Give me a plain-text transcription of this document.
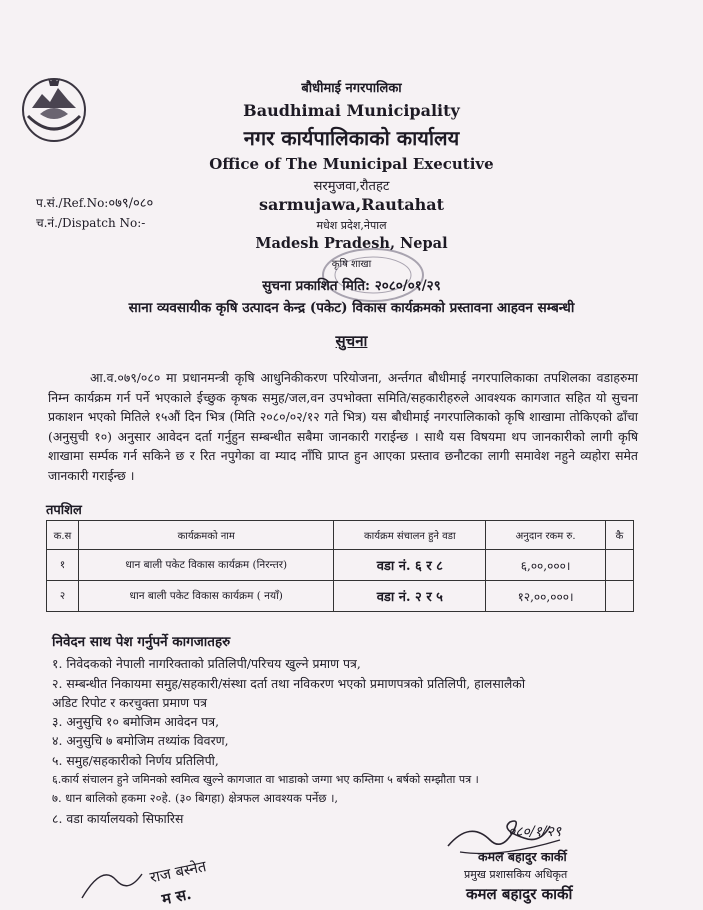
बौधीमाई नगरपालिका
Baudhimai Municipality
नगर कार्यपालिकाको कार्यालय
Office of The Municipal Executive
सरमुजवा,रौतहट
sarmujawa,Rautahat
मधेश प्रदेश,नेपाल
Madesh Pradesh, Nepal
कृषि शाखा
प.सं./Ref.No:०७९/०८०
च.नं./Dispatch No:-
सुचना प्रकाशित मिति: २०८०/०१/२९
साना व्यवसायीक कृषि उत्पादन केन्द्र (पकेट) विकास कार्यक्रमको प्रस्तावना आहवन सम्बन्धी
सुचना
आ.व.०७९/०८० मा प्रधानमन्त्री कृषि आधुनिकीकरण परियोजना, अर्न्तगत बौधीमाई नगरपालिकाका तपशिलका वडाहरुमा निम्न कार्यक्रम गर्न पर्ने भएकाले ईच्छुक कृषक समुह/जल,वन उपभोक्ता समिति/सहकारीहरुले आवश्यक कागजात सहित यो सुचना प्रकाशन भएको मितिले १५औं दिन भित्र (मिति २०८०/०२/१२ गते भित्र) यस बौधीमाई नगरपालिकाको कृषि शाखामा तोकिएको ढाँचा (अनुसुची १०) अनुसार आवेदन दर्ता गर्नुहुन सम्बन्धीत सबैमा जानकारी गराईन्छ । साथै यस विषयमा थप जानकारीको लागी कृषि शाखामा सर्म्पक गर्न सकिने छ र रित नपुगेका वा म्याद नाँघि प्राप्त हुन आएका प्रस्ताव छनौटका लागी समावेश नहुने व्यहोरा समेत जानकारी गराईन्छ ।
तपशिल
क.स	कार्यक्रमको नाम	कार्यक्रम संचालन हुने वडा	अनुदान रकम रु.	कै
१	धान बाली पकेट विकास कार्यक्रम (निरन्तर)	वडा नं. ६ र ८	६,००,०००।	
२	धान बाली पकेट विकास कार्यक्रम ( नयाँ)	वडा नं. २ र ५	१२,००,०००।	
निवेदन साथ पेश गर्नुपर्ने कागजातहरु
१. निवेदकको नेपाली नागरिक्ताको प्रतिलिपी/परिचय खुल्ने प्रमाण पत्र,
२. सम्बन्धीत निकायमा समुह/सहकारी/संस्था दर्ता तथा नविकरण भएको प्रमाणपत्रको प्रतिलिपी, हालसालैको
अडिट रिपोट र करचुक्ता प्रमाण पत्र
३. अनुसुचि १० बमोजिम आवेदन पत्र,
४. अनुसुचि ७ बमोजिम तथ्यांक विवरण,
५. समुह/सहकारीको निर्णय प्रतिलिपी,
६.कार्य संचालन हुने जमिनको स्वमित्व खुल्ने कागजात वा भाडाको जग्गा भए कम्तिमा ५ बर्षको सम्झौता पत्र ।
७. धान बालिको हकमा २०हे. (३० बिगहा) क्षेत्रफल आवश्यक पर्नेछ ।,
८. वडा कार्यालयको सिफारिस
०८०/१/२९
कमल बहादुर कार्की
प्रमुख प्रशासकिय अधिकृत
कमल बहादुर कार्की
राज बस्नेत
म स.
